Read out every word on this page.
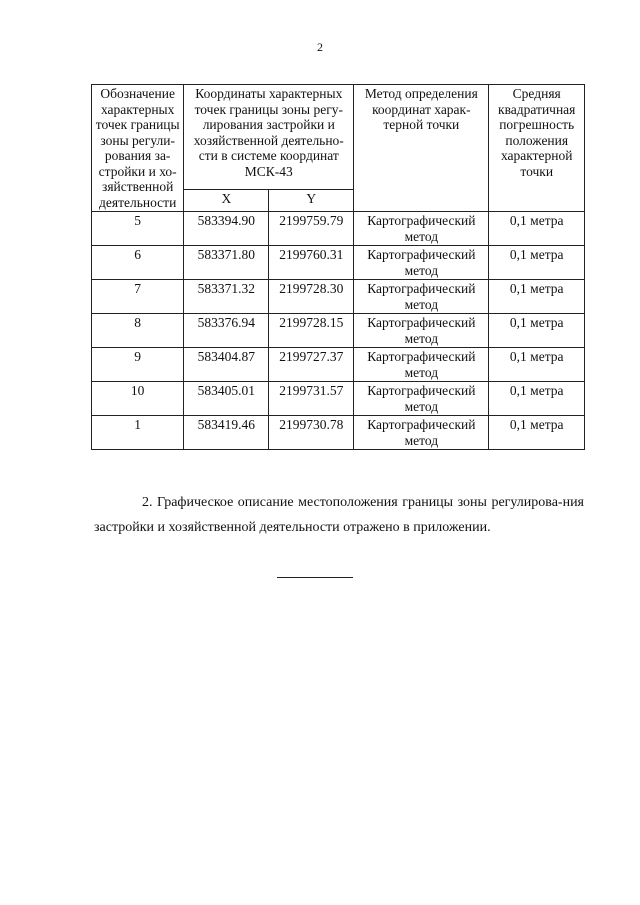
2
Обозначение характерных точек границы зоны регули-рования за-стройки и хо-зяйственной деятельности	Координаты характерных точек границы зоны регу-лирования застройки и хозяйственной деятельно-сти в системе координат МСК-43		Метод определения координат харак-терной точки	Средняя квадратичная погрешность положения характерной точки
	X	Y		
5	583394.90	2199759.79	Картографический метод	0,1 метра
6	583371.80	2199760.31	Картографический метод	0,1 метра
7	583371.32	2199728.30	Картографический метод	0,1 метра
8	583376.94	2199728.15	Картографический метод	0,1 метра
9	583404.87	2199727.37	Картографический метод	0,1 метра
10	583405.01	2199731.57	Картографический метод	0,1 метра
1	583419.46	2199730.78	Картографический метод	0,1 метра
2. Графическое описание местоположения границы зоны регулирова-ния застройки и хозяйственной деятельности отражено в приложении.
